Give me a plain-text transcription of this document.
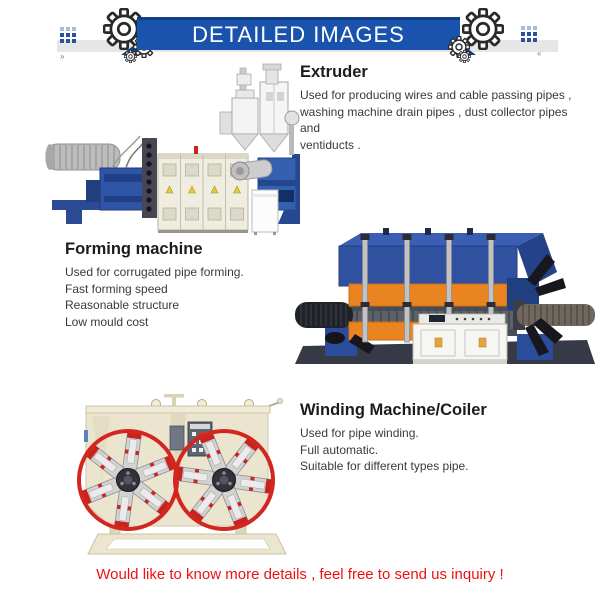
»	«
DETAILED IMAGES
Extruder
Used for producing wires and cable passing pipes ,
washing machine drain pipes , dust collector pipes and
ventiducts .
Forming machine
Used for corrugated pipe forming.
Fast forming speed
Reasonable structure
Low mould cost
Winding Machine/Coiler
Used for pipe winding.
Full automatic.
Suitable for different types pipe.
Would like to know more details , feel free to send us inquiry !
